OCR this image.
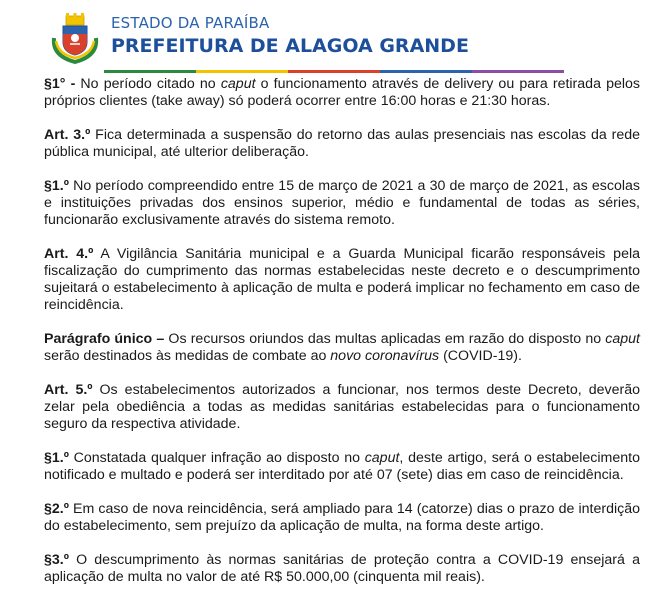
ESTADO DA PARAÍBA
PREFEITURA DE ALAGOA GRANDE

§1° - No período citado no caput o funcionamento através de delivery ou para retirada pelos próprios clientes (take away) só poderá ocorrer entre 16:00 horas e 21:30 horas.

Art. 3.º Fica determinada a suspensão do retorno das aulas presenciais nas escolas da rede pública municipal, até ulterior deliberação.

§1.º No período compreendido entre 15 de março de 2021 a 30 de março de 2021, as escolas e instituições privadas dos ensinos superior, médio e fundamental de todas as séries, funcionarão exclusivamente através do sistema remoto.

Art. 4.º A Vigilância Sanitária municipal e a Guarda Municipal ficarão responsáveis pela fiscalização do cumprimento das normas estabelecidas neste decreto e o descumprimento sujeitará o estabelecimento à aplicação de multa e poderá implicar no fechamento em caso de reincidência.

Parágrafo único – Os recursos oriundos das multas aplicadas em razão do disposto no caput serão destinados às medidas de combate ao novo coronavírus (COVID-19).

Art. 5.º Os estabelecimentos autorizados a funcionar, nos termos deste Decreto, deverão zelar pela obediência a todas as medidas sanitárias estabelecidas para o funcionamento seguro da respectiva atividade.

§1.º Constatada qualquer infração ao disposto no caput, deste artigo, será o estabelecimento notificado e multado e poderá ser interditado por até 07 (sete) dias em caso de reincidência.

§2.º Em caso de nova reincidência, será ampliado para 14 (catorze) dias o prazo de interdição do estabelecimento, sem prejuízo da aplicação de multa, na forma deste artigo.

§3.º O descumprimento às normas sanitárias de proteção contra a COVID-19 ensejará a aplicação de multa no valor de até R$ 50.000,00 (cinquenta mil reais).
